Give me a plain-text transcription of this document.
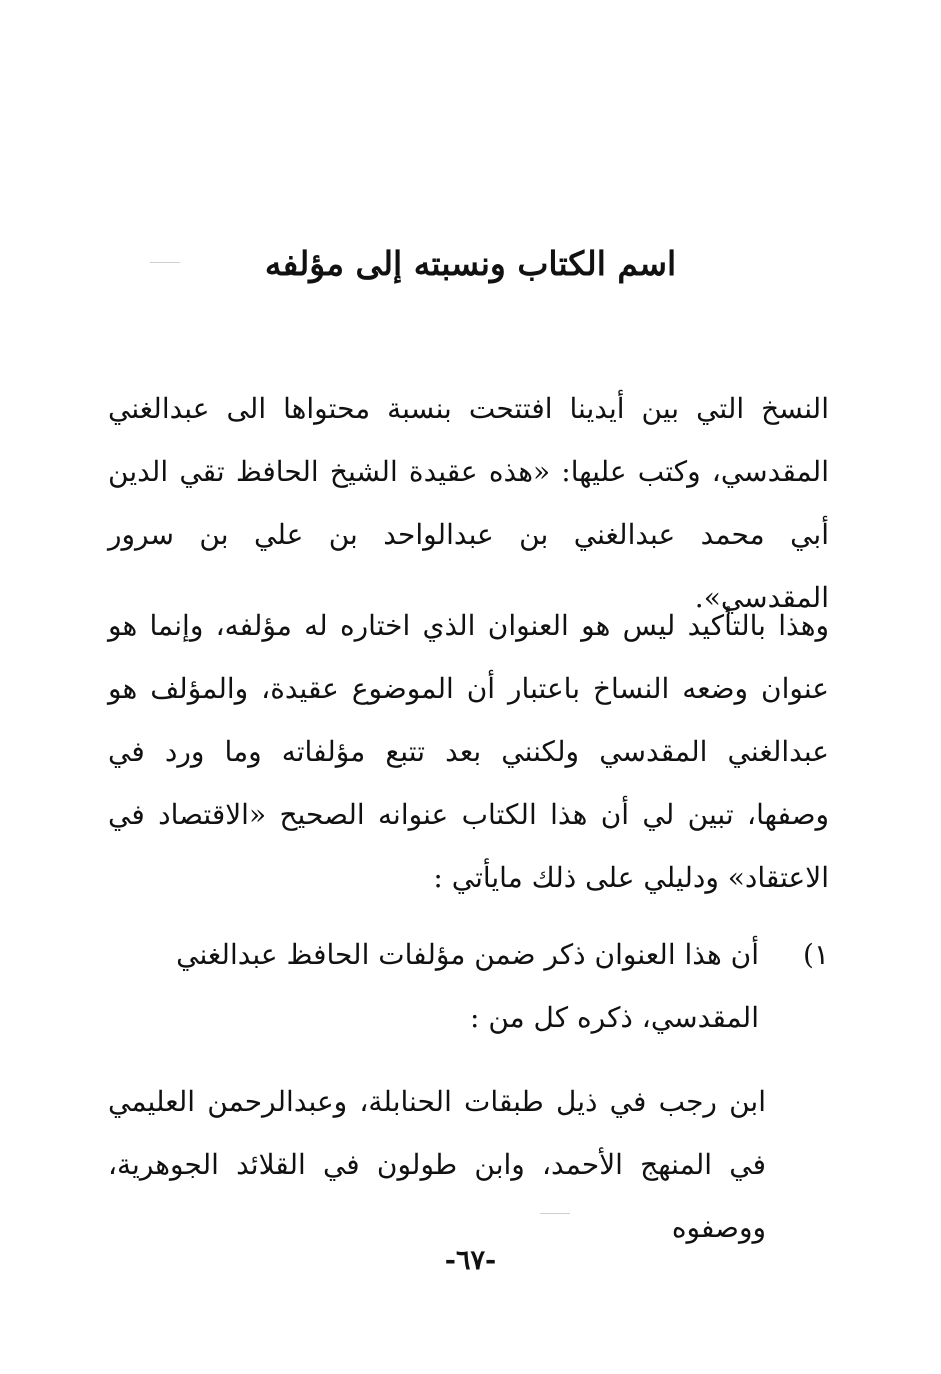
اسم الكتاب ونسبته إلى مؤلفه

النسخ التي بين أيدينا افتتحت بنسبة محتواها الى عبدالغني المقدسي، وكتب عليها: «هذه عقيدة الشيخ الحافظ تقي الدين أبي محمد عبدالغني بن عبدالواحد بن علي بن سرور المقدسي».

وهذا بالتأكيد ليس هو العنوان الذي اختاره له مؤلفه، وإنما هو عنوان وضعه النساخ باعتبار أن الموضوع عقيدة، والمؤلف هو عبدالغني المقدسي ولكنني بعد تتبع مؤلفاته وما ورد في وصفها، تبين لي أن هذا الكتاب عنوانه الصحيح «الاقتصاد في الاعتقاد» ودليلي على ذلك مايأتي :

١)
أن هذا العنوان ذكر ضمن مؤلفات الحافظ عبدالغني المقدسي، ذكره كل من :

ابن رجب في ذيل طبقات الحنابلة، وعبدالرحمن العليمي في المنهج الأحمد، وابن طولون في القلائد الجوهرية، ووصفوه

-٦٧-
